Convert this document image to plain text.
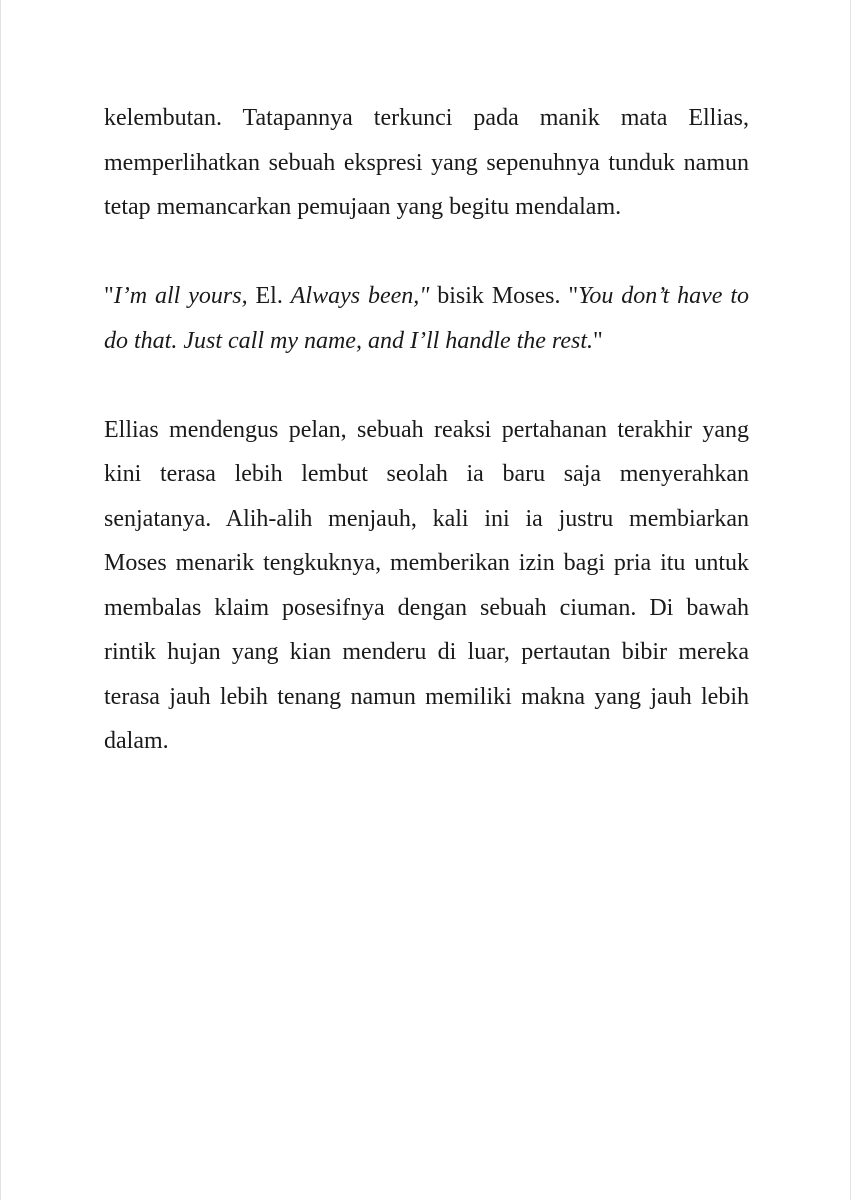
kelembutan. Tatapannya terkunci pada manik mata Ellias, memperlihatkan sebuah ekspresi yang sepenuhnya tunduk namun tetap memancarkan pemujaan yang begitu mendalam.

"I’m all yours, El. Always been," bisik Moses. "You don’t have to do that. Just call my name, and I’ll handle the rest."

Ellias mendengus pelan, sebuah reaksi pertahanan terakhir yang kini terasa lebih lembut seolah ia baru saja menyerahkan senjatanya. Alih-alih menjauh, kali ini ia justru membiarkan Moses menarik tengkuknya, memberikan izin bagi pria itu untuk membalas klaim posesifnya dengan sebuah ciuman. Di bawah rintik hujan yang kian menderu di luar, pertautan bibir mereka terasa jauh lebih tenang namun memiliki makna yang jauh lebih dalam.
